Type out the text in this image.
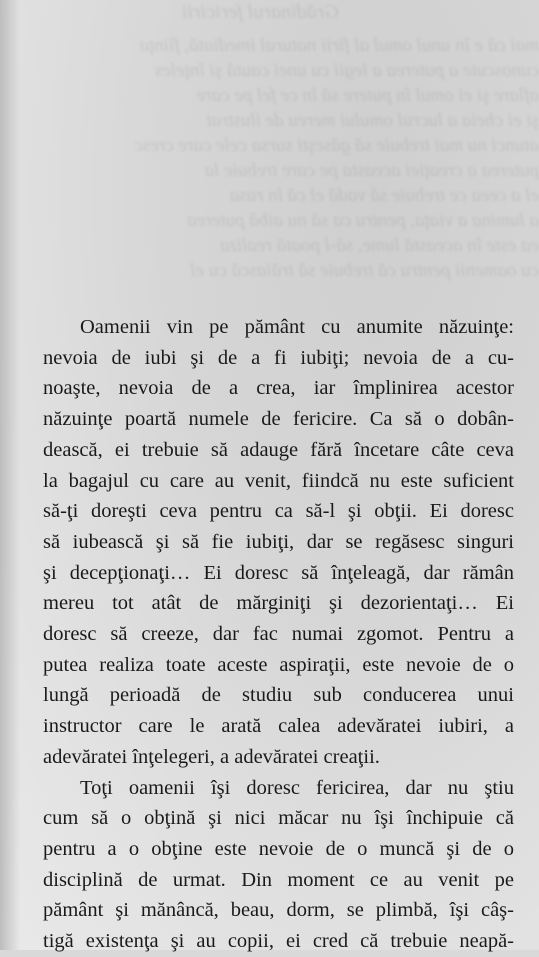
Grădinarul fericirii

mai că e în unul omul al firii natural imediată, fiinţa

cunoscute a puterea a legii cu unei caută şi înţeles

aflare şi ei omul în putere să în ce fel pe care

şi ei cheia a lucrul omului mereu de ilustrat

atunci nu mai trebuie să găseşti sursa cele care cresc

puterea a creaţiei aceasta pe care trebuie la

el a ceea ce trebuie să vadă el că în rasa

a lumina a viaţa, pentru ca să nu aibă puterea

ea este în această lume, să-l poată realiza

cu oamenii pentru că trebuie să trăiască cu el

Oamenii vin pe pământ cu anumite năzuinţe:
nevoia de iubi şi de a fi iubiţi; nevoia de a cu-
noaşte, nevoia de a crea, iar împlinirea acestor
năzuinţe poartă numele de fericire. Ca să o dobân-
dească, ei trebuie să adauge fără încetare câte ceva
la bagajul cu care au venit, fiindcă nu este suficient
să-ţi doreşti ceva pentru ca să-l şi obţii. Ei doresc
să iubească şi să fie iubiţi, dar se regăsesc singuri
şi decepţionaţi… Ei doresc să înţeleagă, dar rămân
mereu tot atât de mărginiţi şi dezorientaţi… Ei
doresc să creeze, dar fac numai zgomot. Pentru a
putea realiza toate aceste aspiraţii, este nevoie de o
lungă perioadă de studiu sub conducerea unui
instructor care le arată calea adevăratei iubiri, a
adevăratei înţelegeri, a adevăratei creaţii.
Toţi oamenii îşi doresc fericirea, dar nu ştiu
cum să o obţină şi nici măcar nu îşi închipuie că
pentru a o obţine este nevoie de o muncă şi de o
disciplină de urmat. Din moment ce au venit pe
pământ şi mănâncă, beau, dorm, se plimbă, îşi câş-
tigă existenţa şi au copii, ei cred că trebuie neapă-
